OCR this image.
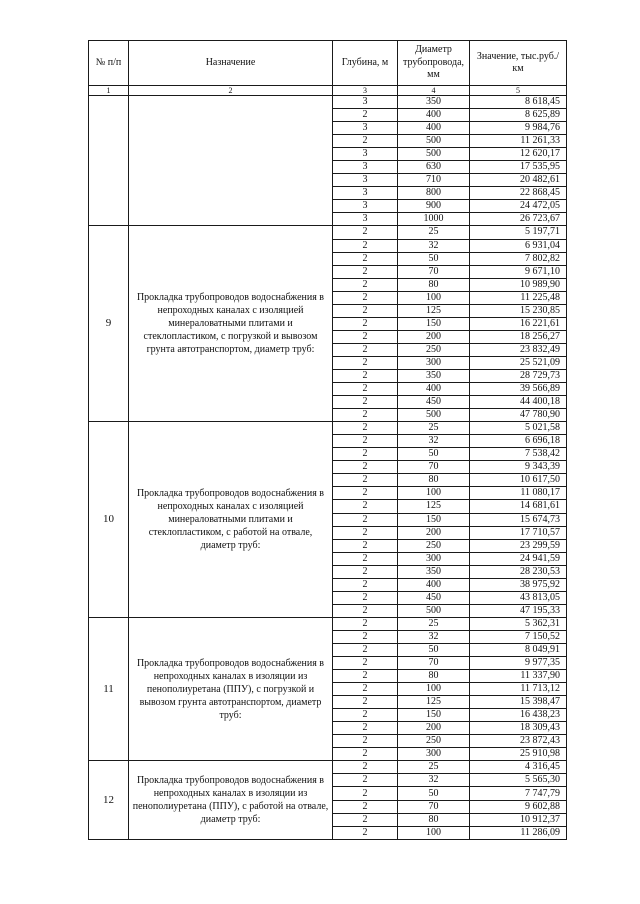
№ п/п	Назначение	Глубина, м	Диаметр трубопровода, мм	Значение, тыс.руб./км
1	2	3	4	5
		3	350	8 618,45
		2	400	8 625,89
		3	400	9 984,76
		2	500	11 261,33
		3	500	12 620,17
		3	630	17 535,95
		3	710	20 482,61
		3	800	22 868,45
		3	900	24 472,05
		3	1000	26 723,67
9	Прокладка трубопроводов водоснабжения в непроходных каналах с изоляцией минераловатными плитами и стеклопластиком, с погрузкой и вывозом грунта автотранспортом, диаметр труб:	2	25	5 197,71
		2	32	6 931,04
		2	50	7 802,82
		2	70	9 671,10
		2	80	10 989,90
		2	100	11 225,48
		2	125	15 230,85
		2	150	16 221,61
		2	200	18 256,27
		2	250	23 832,49
		2	300	25 521,09
		2	350	28 729,73
		2	400	39 566,89
		2	450	44 400,18
		2	500	47 780,90
10	Прокладка трубопроводов водоснабжения в непроходных каналах с изоляцией минераловатными плитами и стеклопластиком, с работой на отвале, диаметр труб:	2	25	5 021,58
		2	32	6 696,18
		2	50	7 538,42
		2	70	9 343,39
		2	80	10 617,50
		2	100	11 080,17
		2	125	14 681,61
		2	150	15 674,73
		2	200	17 710,57
		2	250	23 299,59
		2	300	24 941,59
		2	350	28 230,53
		2	400	38 975,92
		2	450	43 813,05
		2	500	47 195,33
11	Прокладка трубопроводов водоснабжения в непроходных каналах в изоляции из пенополиуретана (ППУ), с погрузкой и вывозом грунта автотранспортом, диаметр труб:	2	25	5 362,31
		2	32	7 150,52
		2	50	8 049,91
		2	70	9 977,35
		2	80	11 337,90
		2	100	11 713,12
		2	125	15 398,47
		2	150	16 438,23
		2	200	18 309,43
		2	250	23 872,43
		2	300	25 910,98
12	Прокладка трубопроводов водоснабжения в непроходных каналах в изоляции из пенополиуретана (ППУ), с работой на отвале, диаметр труб:	2	25	4 316,45
		2	32	5 565,30
		2	50	7 747,79
		2	70	9 602,88
		2	80	10 912,37
		2	100	11 286,09
